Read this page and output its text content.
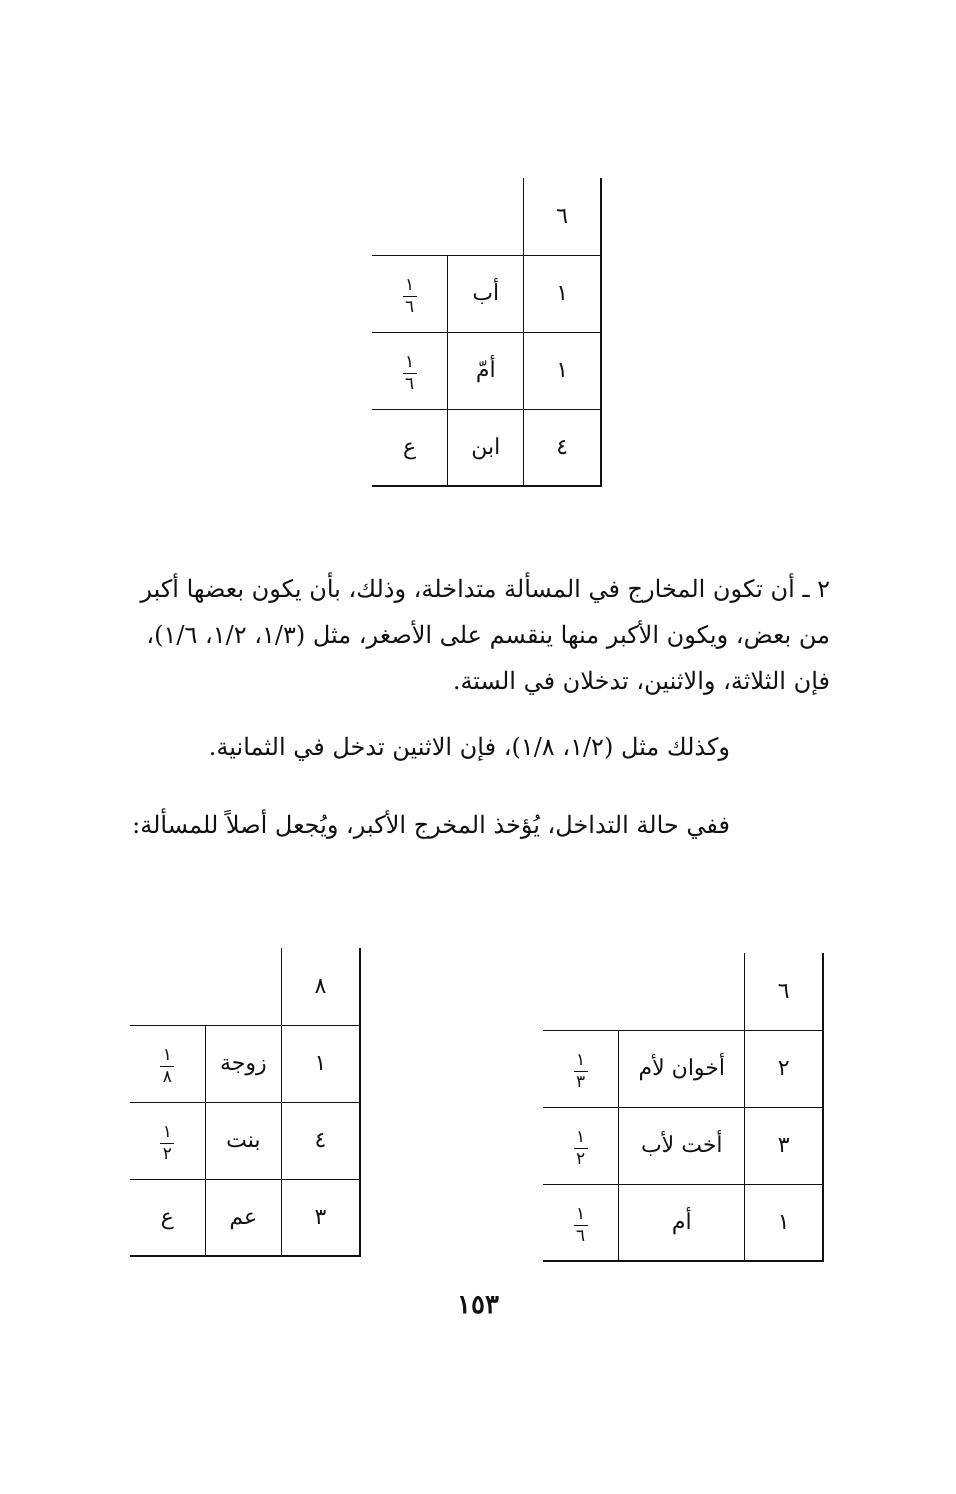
٦		
١	أب	$\frac{١}{٦}$

١	أمّ	$\frac{١}{٦}$

٤	ابن	ع

٢ ـ أن تكون المخارج في المسألة متداخلة، وذلك، بأن يكون بعضها أكبر من بعض، ويكون الأكبر منها ينقسم على الأصغر، مثل (١/٣، ١/٢، ١/٦)، فإن الثلاثة، والاثنين، تدخلان في الستة.

وكذلك مثل (١/٢، ١/٨)، فإن الاثنين تدخل في الثمانية.

ففي حالة التداخل، يُؤخذ المخرج الأكبر، ويُجعل أصلاً للمسألة:

٦		
٢	أخوان لأم	$\frac{١}{٣}$

٣	أخت لأب	$\frac{١}{٢}$

١	أم	$\frac{١}{٦}$
٨		
١	زوجة	$\frac{١}{٨}$

٤	بنت	$\frac{١}{٢}$

٣	عم	ع
١٥٣
